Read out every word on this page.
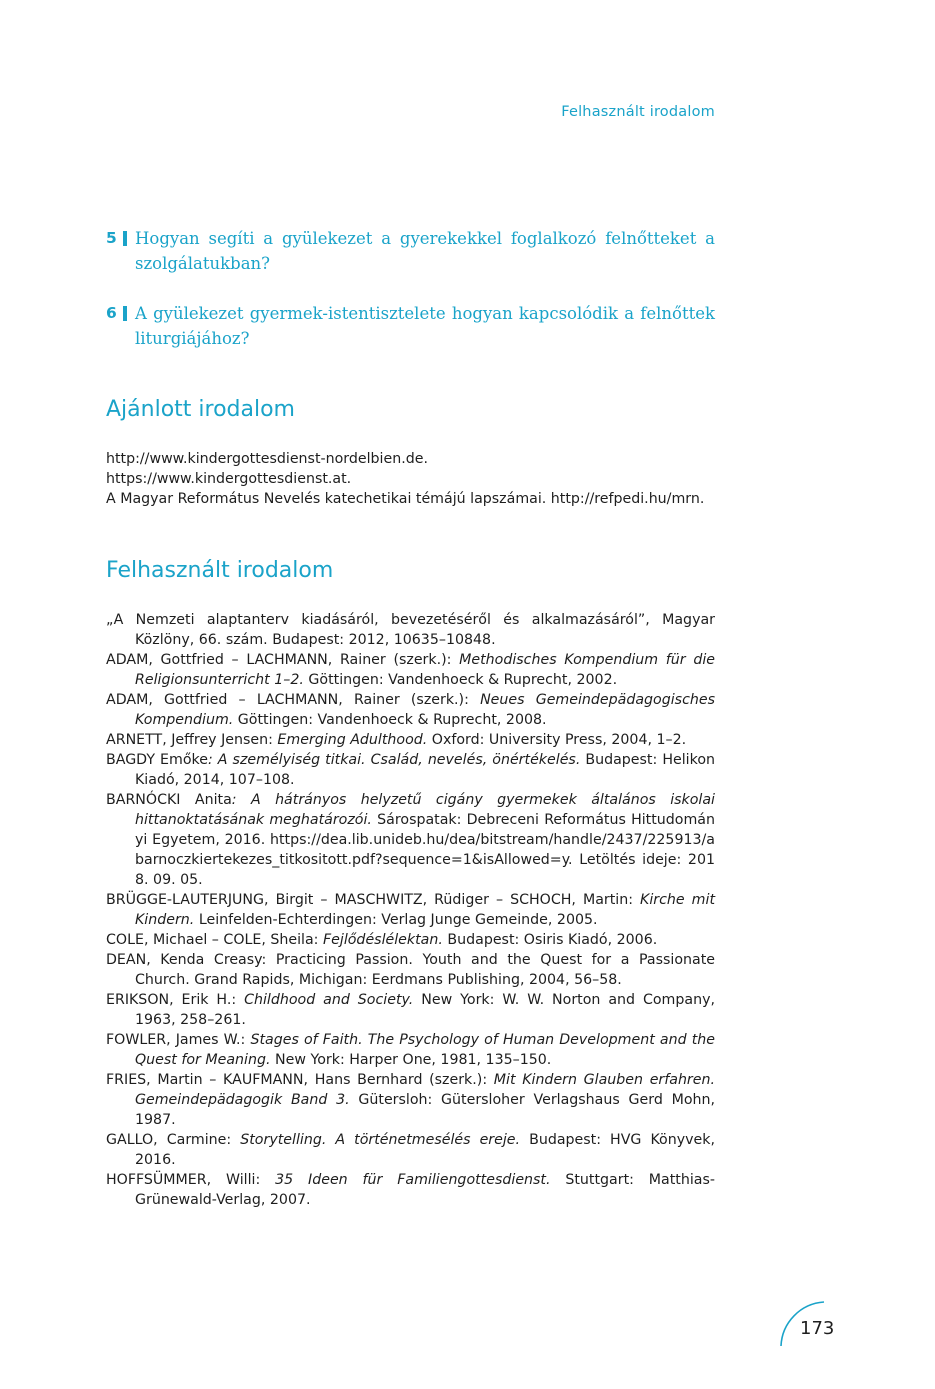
Felhasznált irodalom
5 Hogyan segíti a gyülekezet a gyerekekkel foglalkozó felnőtteket a szolgálatukban?
6 A gyülekezet gyermek-istentisztelete hogyan kapcsolódik a felnőttek liturgiájához?
Ajánlott irodalom
http://www.kindergottesdienst-nordelbien.de.
https://www.kindergottesdienst.at.
A Magyar Református Nevelés katechetikai témájú lapszámai. http://refpedi.hu/mrn.
Felhasznált irodalom
„A Nemzeti alaptanterv kiadásáról, bevezetéséről és alkalmazásáról”, Magyar Közlöny, 66. szám. Budapest: 2012, 10635–10848.
ADAM, Gottfried – LACHMANN, Rainer (szerk.): Methodisches Kompendium für die Religionsunterricht 1–2. Göttingen: Vandenhoeck & Ruprecht, 2002.
ADAM, Gottfried – LACHMANN, Rainer (szerk.): Neues Gemeindepädagogisches Kompendium. Göttingen: Vandenhoeck & Ruprecht, 2008.
ARNETT, Jeffrey Jensen: Emerging Adulthood. Oxford: University Press, 2004, 1–2.
BAGDY Emőke: A személyiség titkai. Család, nevelés, önértékelés. Budapest: Helikon Kiadó, 2014, 107–108.
BARNÓCKI Anita: A hátrányos helyzetű cigány gyermekek általános iskolai hittanoktatásának meghatározói. Sárospatak: Debreceni Református Hittudományi Egyetem, 2016. https://dea.lib.unideb.hu/dea/bitstream/handle/2437/225913/abarnoczkiertekezes_titkositott.pdf?sequence=1&isAllowed=y. Letöltés ideje: 2018. 09. 05.
BRÜGGE-LAUTERJUNG, Birgit – MASCHWITZ, Rüdiger – SCHOCH, Martin: Kirche mit Kindern. Leinfelden-Echterdingen: Verlag Junge Gemeinde, 2005.
COLE, Michael – COLE, Sheila: Fejlődéslélektan. Budapest: Osiris Kiadó, 2006.
DEAN, Kenda Creasy: Practicing Passion. Youth and the Quest for a Passionate Church. Grand Rapids, Michigan: Eerdmans Publishing, 2004, 56–58.
ERIKSON, Erik H.: Childhood and Society. New York: W. W. Norton and Company, 1963, 258–261.
FOWLER, James W.: Stages of Faith. The Psychology of Human Development and the Quest for Meaning. New York: Harper One, 1981, 135–150.
FRIES, Martin – KAUFMANN, Hans Bernhard (szerk.): Mit Kindern Glauben erfahren. Gemeindepädagogik Band 3. Gütersloh: Gütersloher Verlagshaus Gerd Mohn, 1987.
GALLO, Carmine: Storytelling. A történetmesélés ereje. Budapest: HVG Könyvek, 2016.
HOFFSÜMMER, Willi: 35 Ideen für Familiengottesdienst. Stuttgart: Matthias-Grünewald-Verlag, 2007.
173
